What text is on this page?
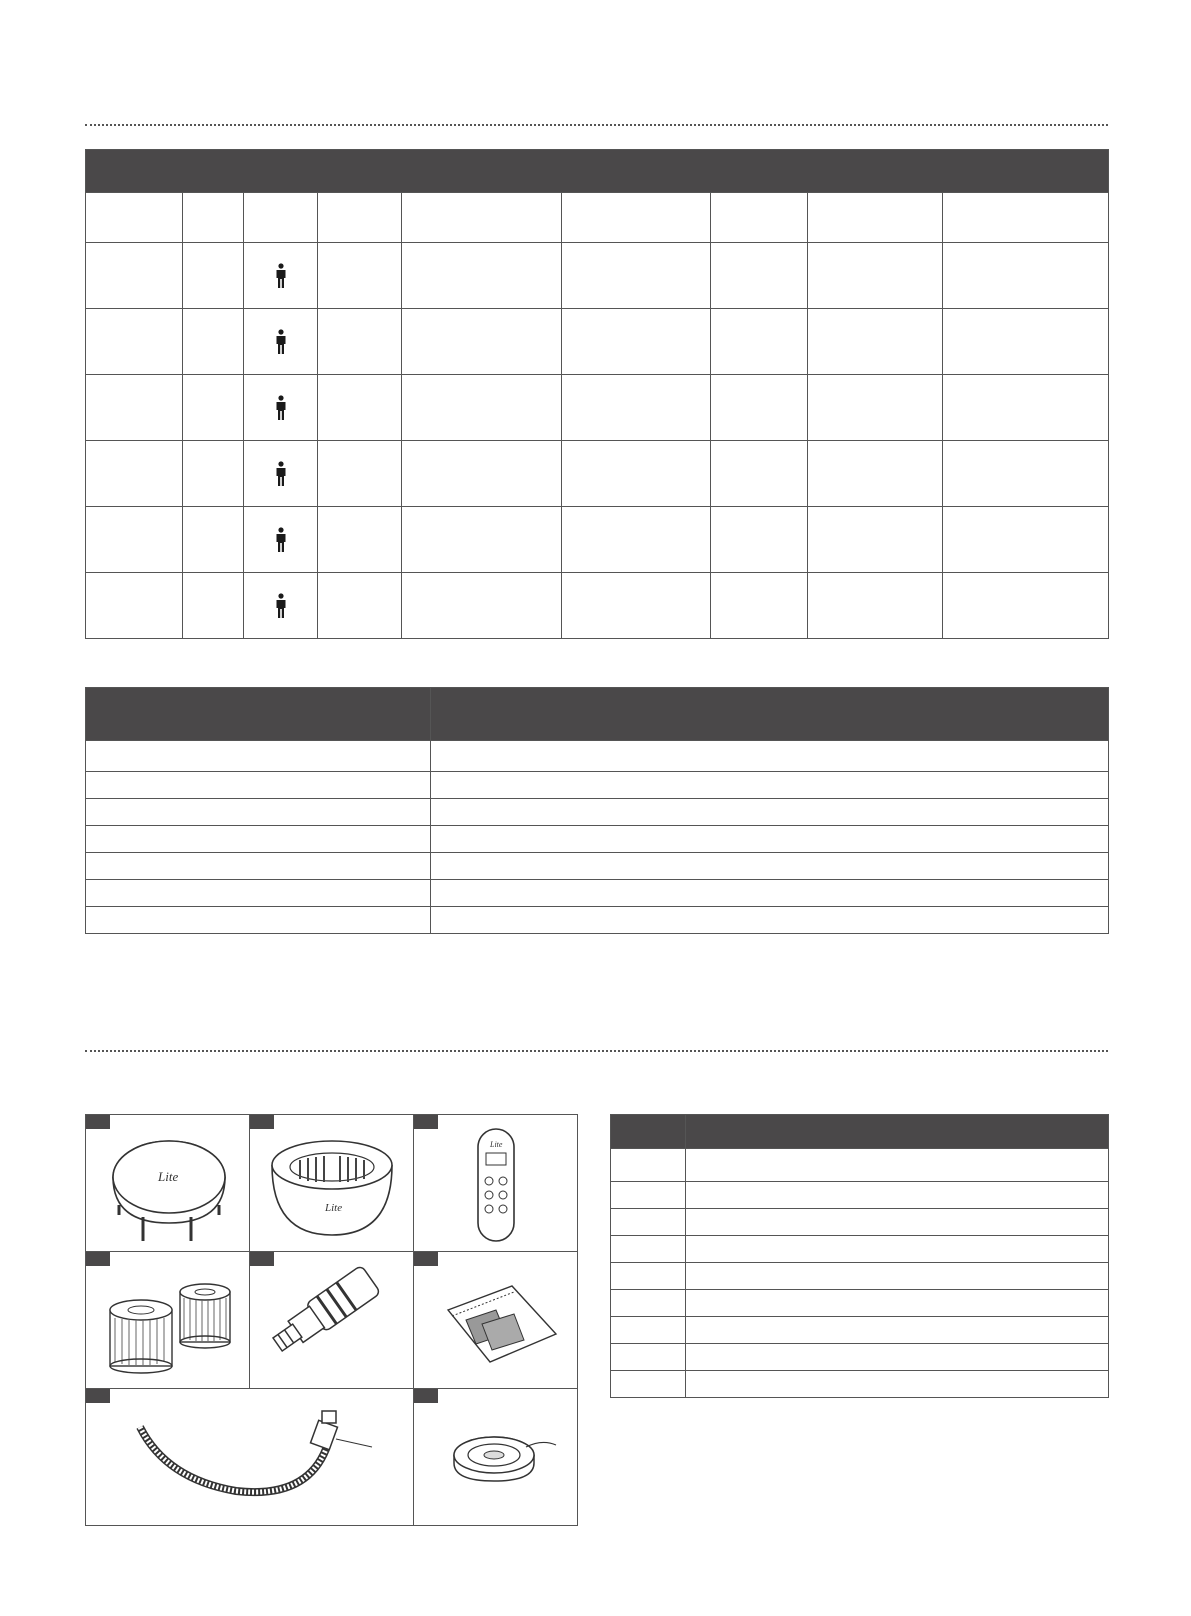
Lite
Lite
Lite
